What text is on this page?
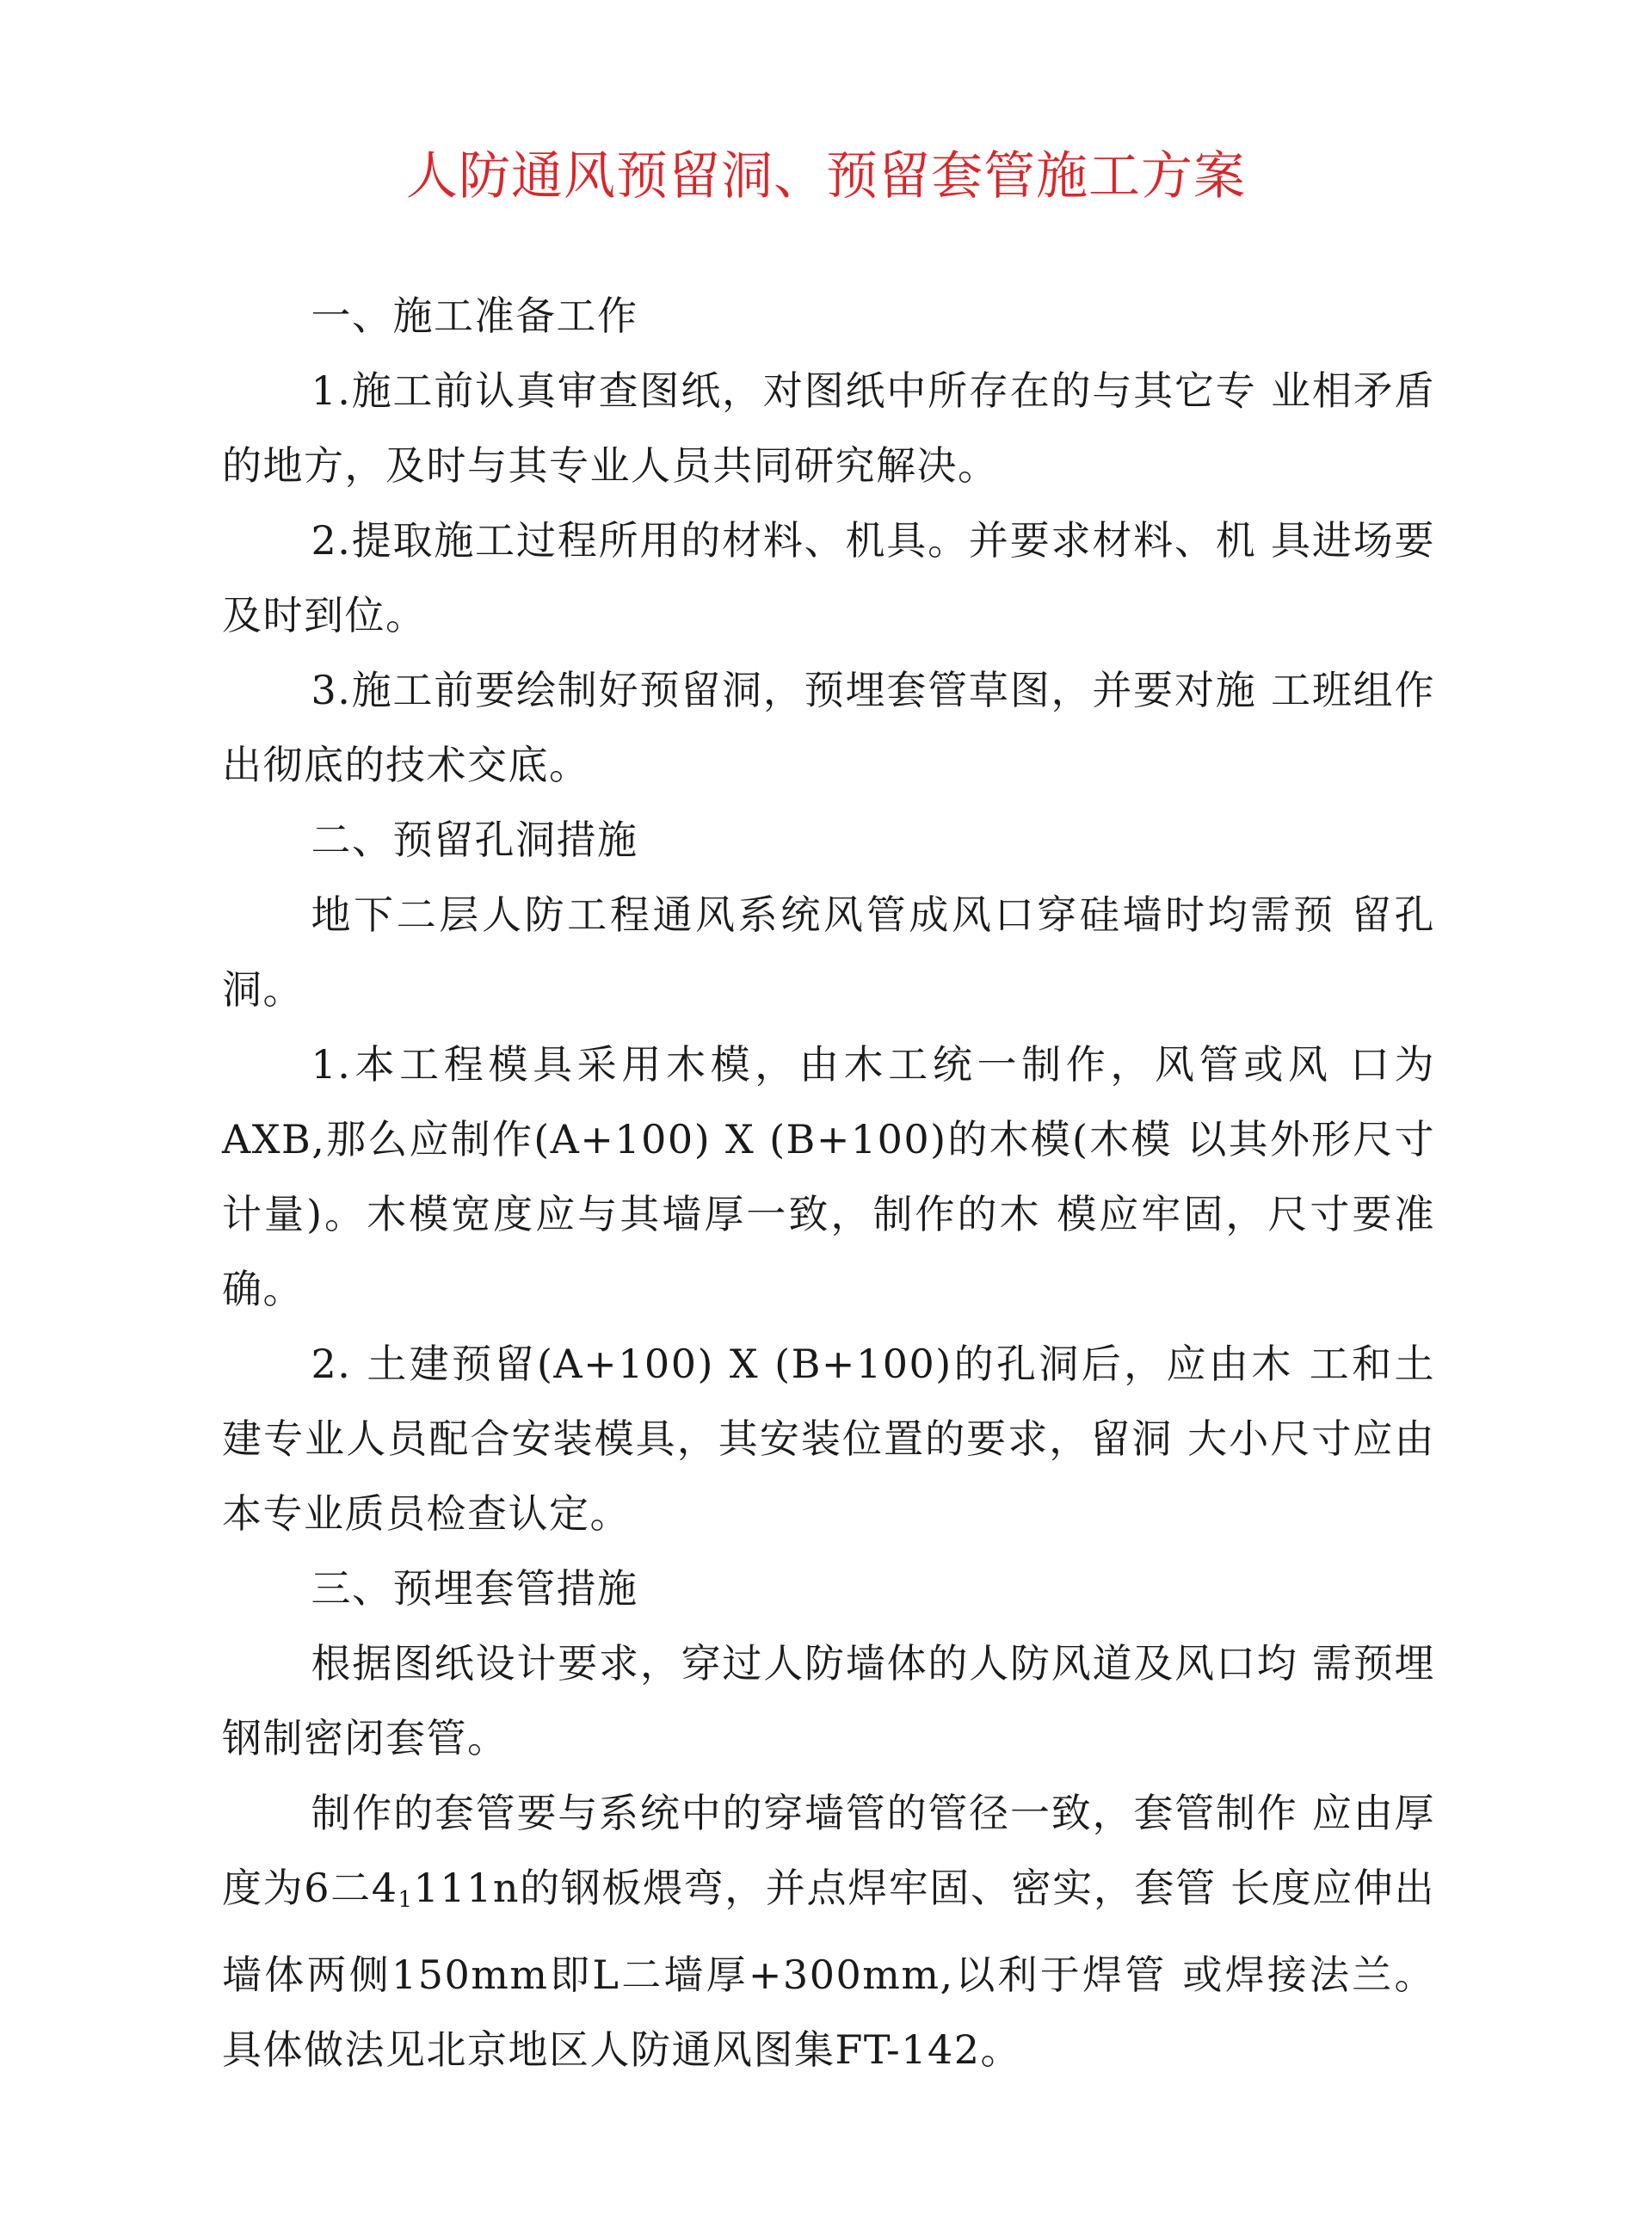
人防通风预留洞、预留套管施工方案

一、施工准备工作

1.施工前认真审查图纸，对图纸中所存在的与其它专 业相矛盾的地方，及时与其专业人员共同研究解决。

2.提取施工过程所用的材料、机具。并要求材料、机 具进场要及时到位。

3.施工前要绘制好预留洞，预埋套管草图，并要对施 工班组作出彻底的技术交底。

二、预留孔洞措施

地下二层人防工程通风系统风管成风口穿硅墙时均需预 留孔洞。

1.本工程模具采用木模，由木工统一制作，风管或风 口为AXB,那么应制作(A+100) X (B+100)的木模(木模 以其外形尺寸计量)。木模宽度应与其墙厚一致，制作的木 模应牢固，尺寸要准确。

2. 土建预留(A+100) X (B+100)的孔洞后，应由木 工和土建专业人员配合安装模具，其安装位置的要求，留洞 大小尺寸应由本专业质员检查认定。

三、预埋套管措施

根据图纸设计要求，穿过人防墙体的人防风道及风口均 需预埋钢制密闭套管。

制作的套管要与系统中的穿墙管的管径一致，套管制作 应由厚度为6二$4_1111n$的钢板煨弯，并点焊牢固、密实，套管 长度应伸出墙体两侧150mm即L二墙厚+300mm,以利于焊管 或焊接法兰。具体做法见北京地区人防通风图集FT-142。
